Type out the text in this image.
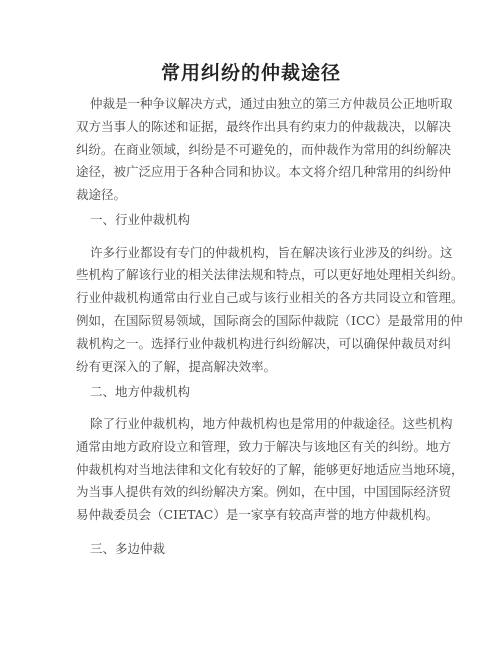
常用纠纷的仲裁途径
仲裁是一种争议解决方式，通过由独立的第三方仲裁员公正地听取
双方当事人的陈述和证据，最终作出具有约束力的仲裁裁决，以解决
纠纷。在商业领域，纠纷是不可避免的，而仲裁作为常用的纠纷解决
途径，被广泛应用于各种合同和协议。本文将介绍几种常用的纠纷仲
裁途径。
一、行业仲裁机构
许多行业都设有专门的仲裁机构，旨在解决该行业涉及的纠纷。这
些机构了解该行业的相关法律法规和特点，可以更好地处理相关纠纷。
行业仲裁机构通常由行业自己或与该行业相关的各方共同设立和管理。
例如，在国际贸易领域，国际商会的国际仲裁院（ICC）是最常用的仲
裁机构之一。选择行业仲裁机构进行纠纷解决，可以确保仲裁员对纠
纷有更深入的了解，提高解决效率。
二、地方仲裁机构
除了行业仲裁机构，地方仲裁机构也是常用的仲裁途径。这些机构
通常由地方政府设立和管理，致力于解决与该地区有关的纠纷。地方
仲裁机构对当地法律和文化有较好的了解，能够更好地适应当地环境，
为当事人提供有效的纠纷解决方案。例如，在中国，中国国际经济贸
易仲裁委员会（CIETAC）是一家享有较高声誉的地方仲裁机构。
三、多边仲裁
